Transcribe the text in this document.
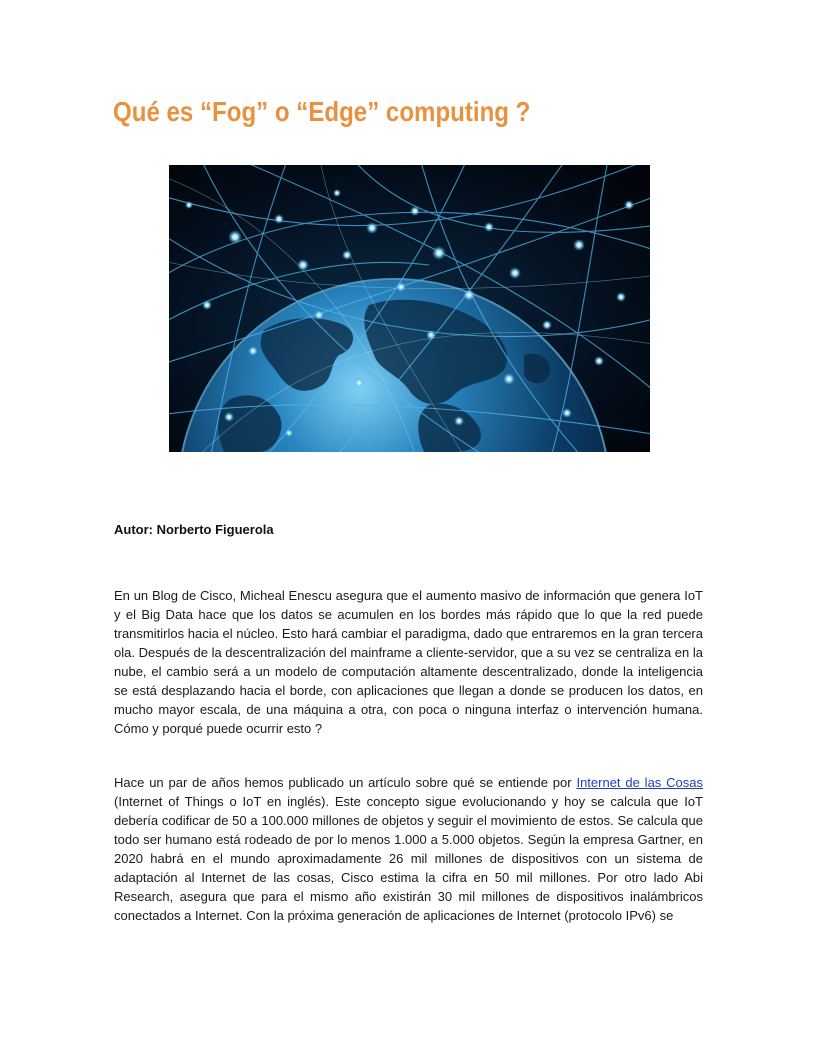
Qué es “Fog” o “Edge” computing ?

Autor: Norberto Figuerola

En un Blog de Cisco, Micheal Enescu asegura que el aumento masivo de información que genera IoT y el Big Data hace que los datos se acumulen en los bordes más rápido que lo que la red puede transmitirlos hacia el núcleo. Esto hará cambiar el paradigma, dado que entraremos en la gran tercera ola. Después de la descentralización del mainframe a cliente-servidor, que a su vez se centraliza en la nube, el cambio será a un modelo de computación altamente descentralizado, donde la inteligencia se está desplazando hacia el borde, con aplicaciones que llegan a donde se producen los datos, en mucho mayor escala, de una máquina a otra, con poca o ninguna interfaz o intervención humana. Cómo y porqué puede ocurrir esto ?

Hace un par de años hemos publicado un artículo sobre qué se entiende por Internet de las Cosas (Internet of Things o IoT en inglés). Este concepto sigue evolucionando y hoy se calcula que IoT debería codificar de 50 a 100.000 millones de objetos y seguir el movimiento de estos. Se calcula que todo ser humano está rodeado de por lo menos 1.000 a 5.000 objetos. Según la empresa Gartner, en 2020 habrá en el mundo aproximadamente 26 mil millones de dispositivos con un sistema de adaptación al Internet de las cosas, Cisco estima la cifra en 50 mil millones. Por otro lado Abi Research, asegura que para el mismo año existirán 30 mil millones de dispositivos inalámbricos conectados a Internet. Con la próxima generación de aplicaciones de Internet (protocolo IPv6) se
